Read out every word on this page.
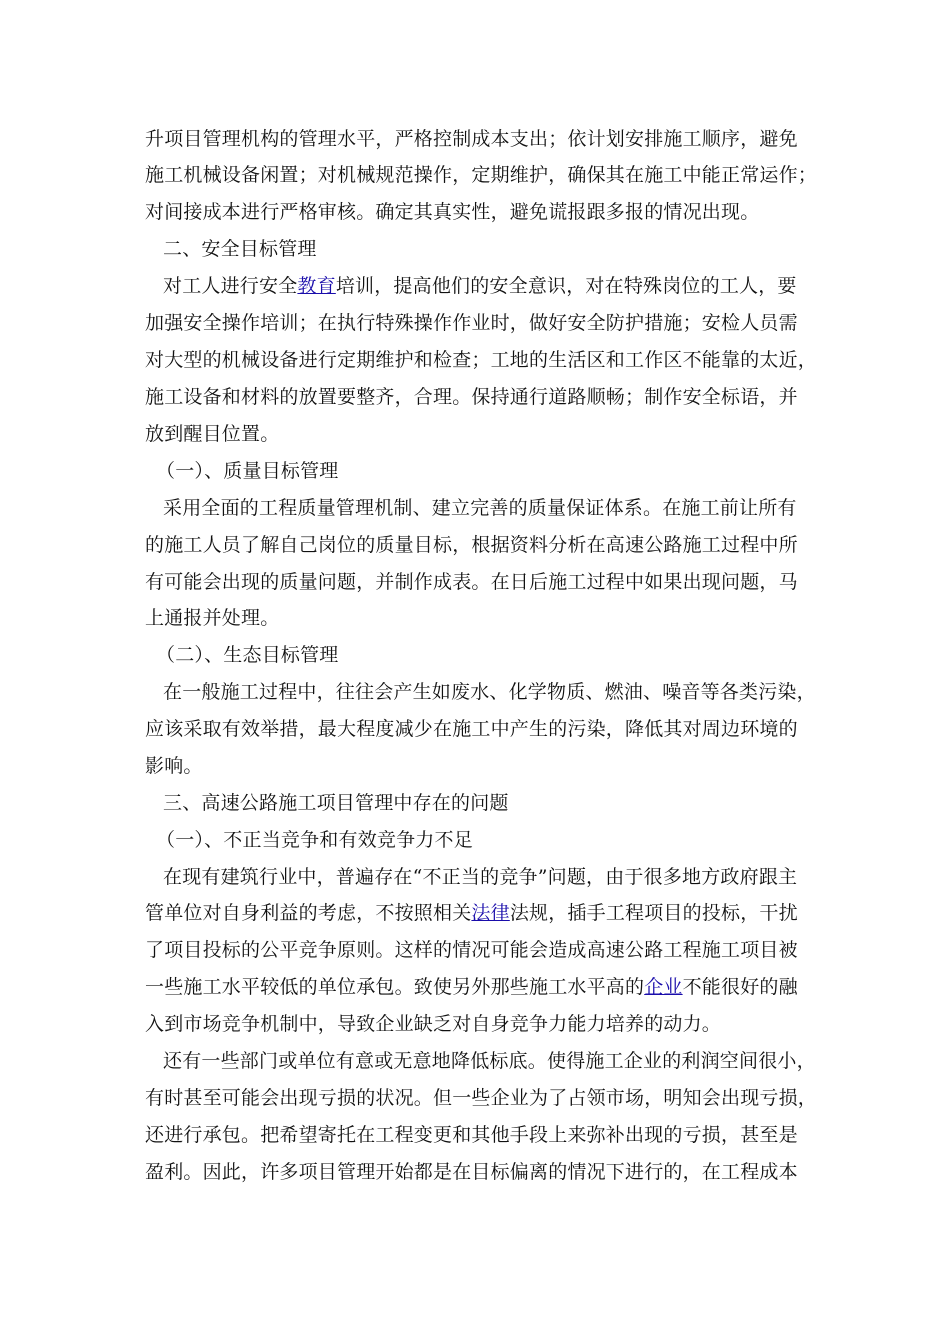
升项目管理机构的管理水平，严格控制成本支出；依计划安排施工顺序，避免
施工机械设备闲置；对机械规范操作，定期维护，确保其在施工中能正常运作；
对间接成本进行严格审核。确定其真实性，避免谎报跟多报的情况出现。
二、安全目标管理
对工人进行安全教育培训，提高他们的安全意识，对在特殊岗位的工人，要
加强安全操作培训；在执行特殊操作作业时，做好安全防护措施；安检人员需
对大型的机械设备进行定期维护和检查；工地的生活区和工作区不能靠的太近，
施工设备和材料的放置要整齐，合理。保持通行道路顺畅；制作安全标语，并
放到醒目位置。
（一）、质量目标管理
采用全面的工程质量管理机制、建立完善的质量保证体系。在施工前让所有
的施工人员了解自己岗位的质量目标，根据资料分析在高速公路施工过程中所
有可能会出现的质量问题，并制作成表。在日后施工过程中如果出现问题，马
上通报并处理。
（二）、生态目标管理
在一般施工过程中，往往会产生如废水、化学物质、燃油、噪音等各类污染，
应该采取有效举措，最大程度减少在施工中产生的污染，降低其对周边环境的
影响。
三、高速公路施工项目管理中存在的问题
（一）、不正当竞争和有效竞争力不足
在现有建筑行业中，普遍存在“不正当的竞争”问题，由于很多地方政府跟主
管单位对自身利益的考虑，不按照相关法律法规，插手工程项目的投标，干扰
了项目投标的公平竞争原则。这样的情况可能会造成高速公路工程施工项目被
一些施工水平较低的单位承包。致使另外那些施工水平高的企业不能很好的融
入到市场竞争机制中，导致企业缺乏对自身竞争力能力培养的动力。
还有一些部门或单位有意或无意地降低标底。使得施工企业的利润空间很小，
有时甚至可能会出现亏损的状况。但一些企业为了占领市场，明知会出现亏损，
还进行承包。把希望寄托在工程变更和其他手段上来弥补出现的亏损，甚至是
盈利。因此，许多项目管理开始都是在目标偏离的情况下进行的，在工程成本
